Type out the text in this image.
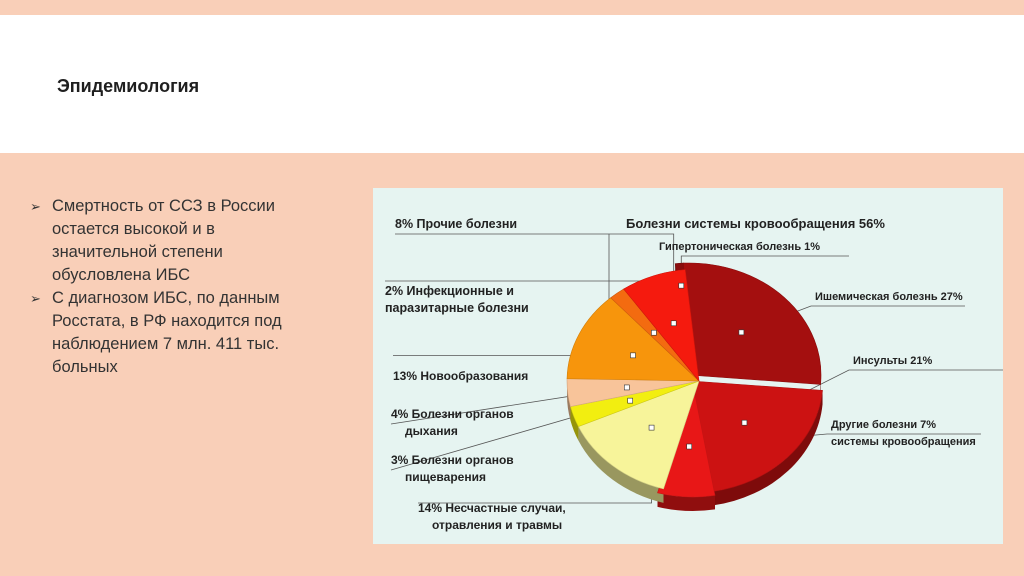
Эпидемиология
➢ Смертность от ССЗ в России
остается высокой и в
значительной степени
обусловлена ИБС
➢ С диагнозом ИБС, по данным
Росстата, в РФ находится под
наблюдением 7 млн. 411 тыс.
больных
Гипертоническая болезнь 1%
Ишемическая болезнь 27%
Инсульты 21%
Другие болезни 7%
системы кровообращения
14% Несчастные случаи,
отравления и травмы
3% Болезни органов
пищеварения
4% Болезни органов
дыхания
13% Новообразования
2% Инфекционные и
паразитарные болезни
8% Прочие болезни	Болезни системы кровообращения 56%
